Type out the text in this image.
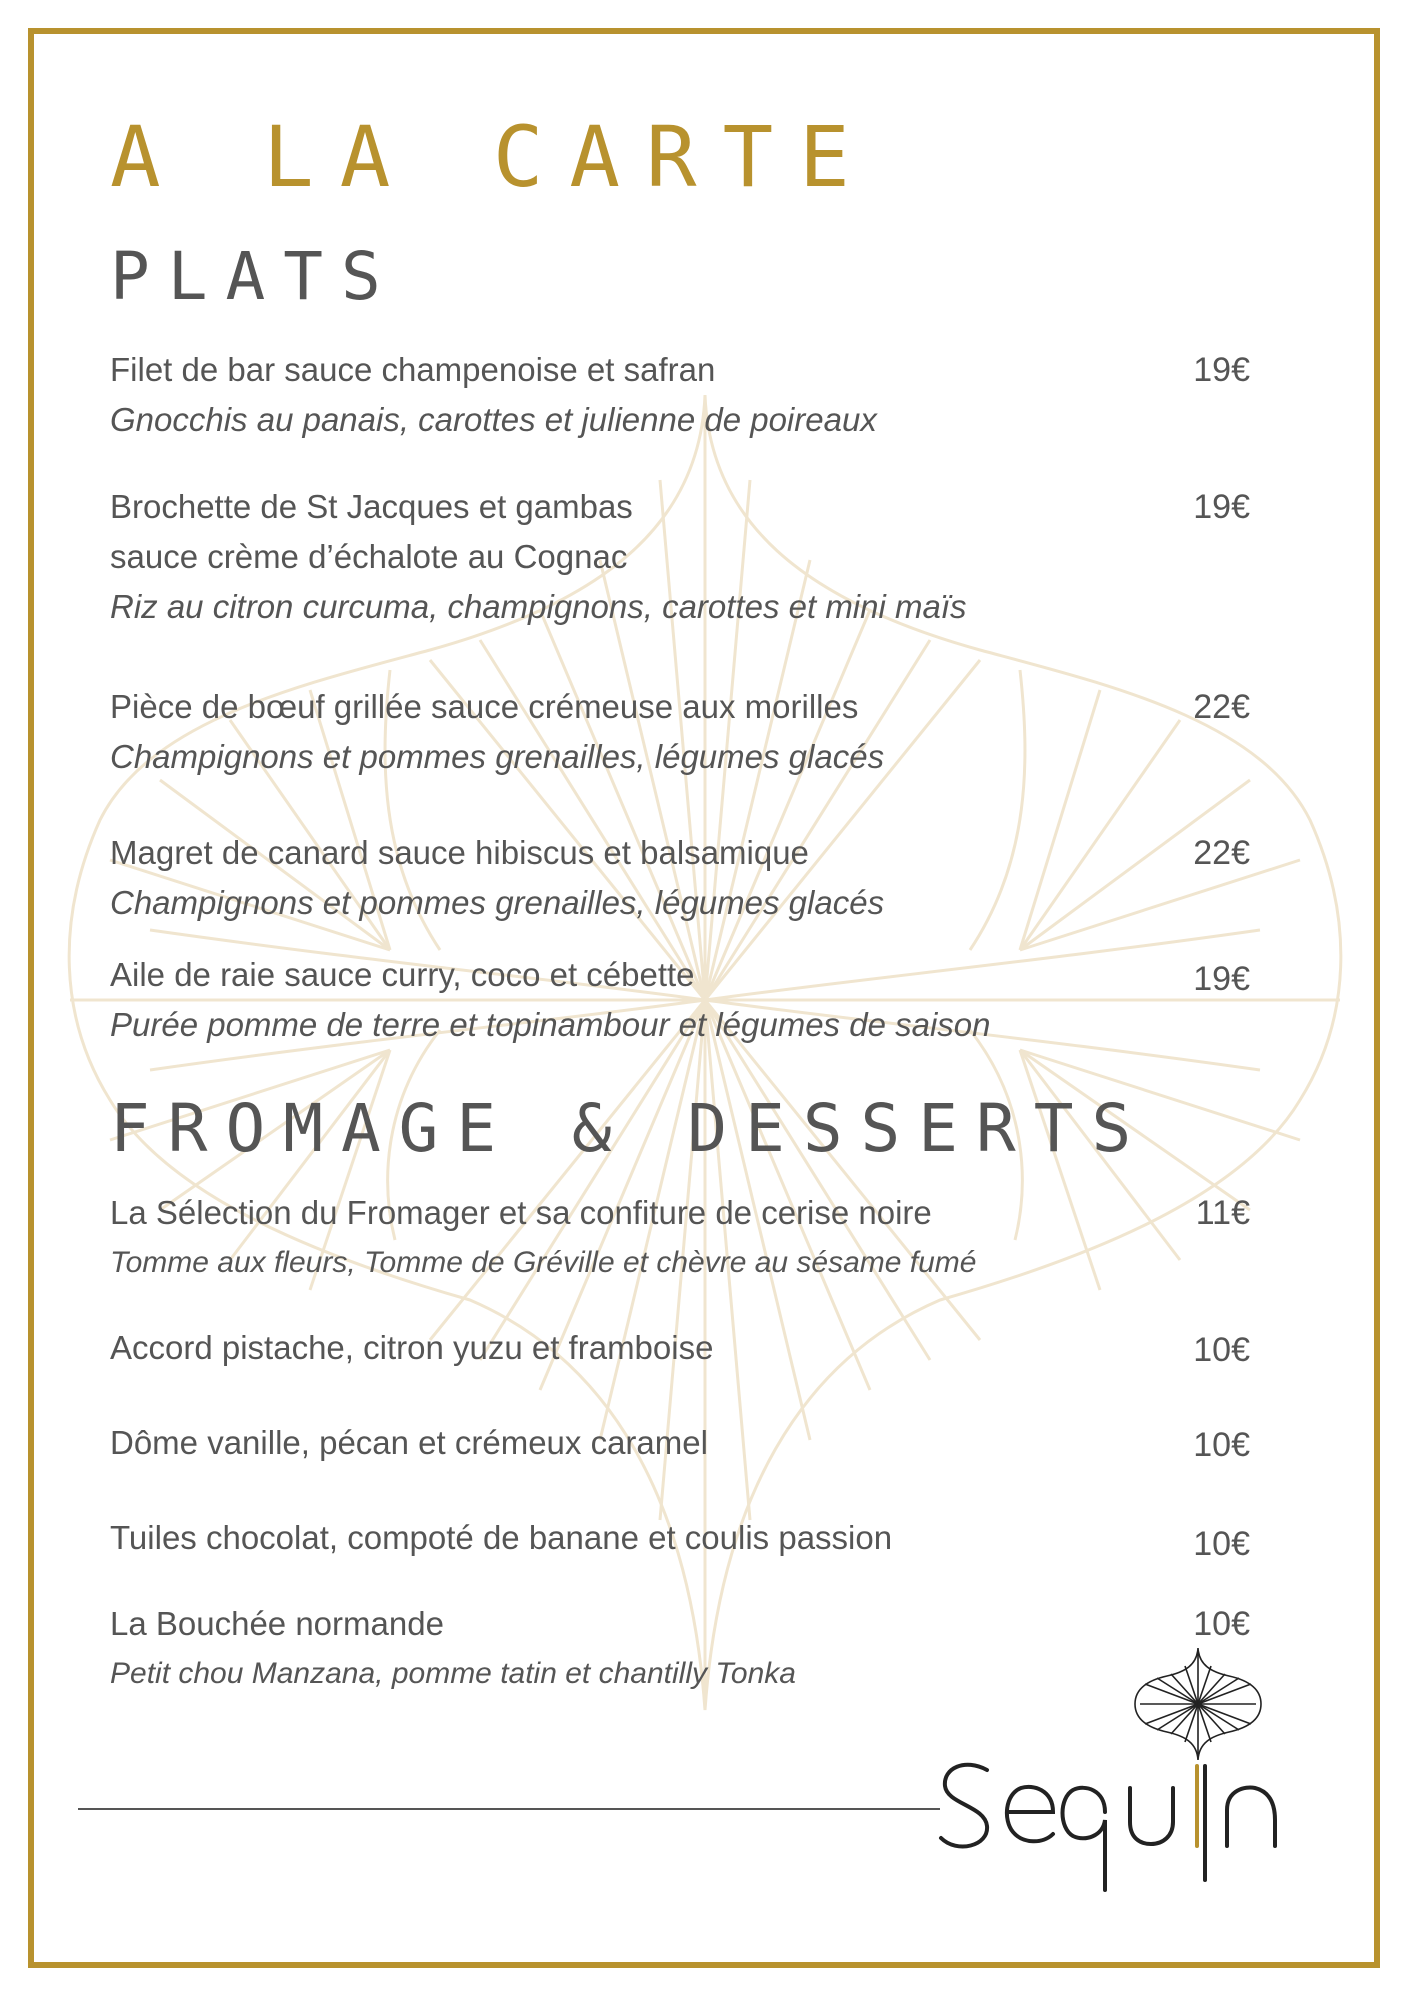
A LA CARTE
PLATS
Filet de bar sauce champenoise et safran
Gnocchis au panais, carottes et julienne de poireaux
19€
Brochette de St Jacques et gambas
sauce crème d’échalote au Cognac
Riz au citron curcuma, champignons, carottes et mini maïs
19€
Pièce de bœuf grillée sauce crémeuse aux morilles
Champignons et pommes grenailles, légumes glacés
22€
Magret de canard sauce hibiscus et balsamique
Champignons et pommes grenailles, légumes glacés
22€
Aile de raie sauce curry, coco et cébette
Purée pomme de terre et topinambour et légumes de saison
19€
FROMAGE & DESSERTS
La Sélection du Fromager et sa confiture de cerise noire
Tomme aux fleurs, Tomme de Gréville et chèvre au sésame fumé
11€
Accord pistache, citron yuzu et framboise	10€
Dôme vanille, pécan et crémeux caramel	10€
Tuiles chocolat, compoté de banane et coulis passion	10€
La Bouchée normande
Petit chou Manzana, pomme tatin et chantilly Tonka
10€
